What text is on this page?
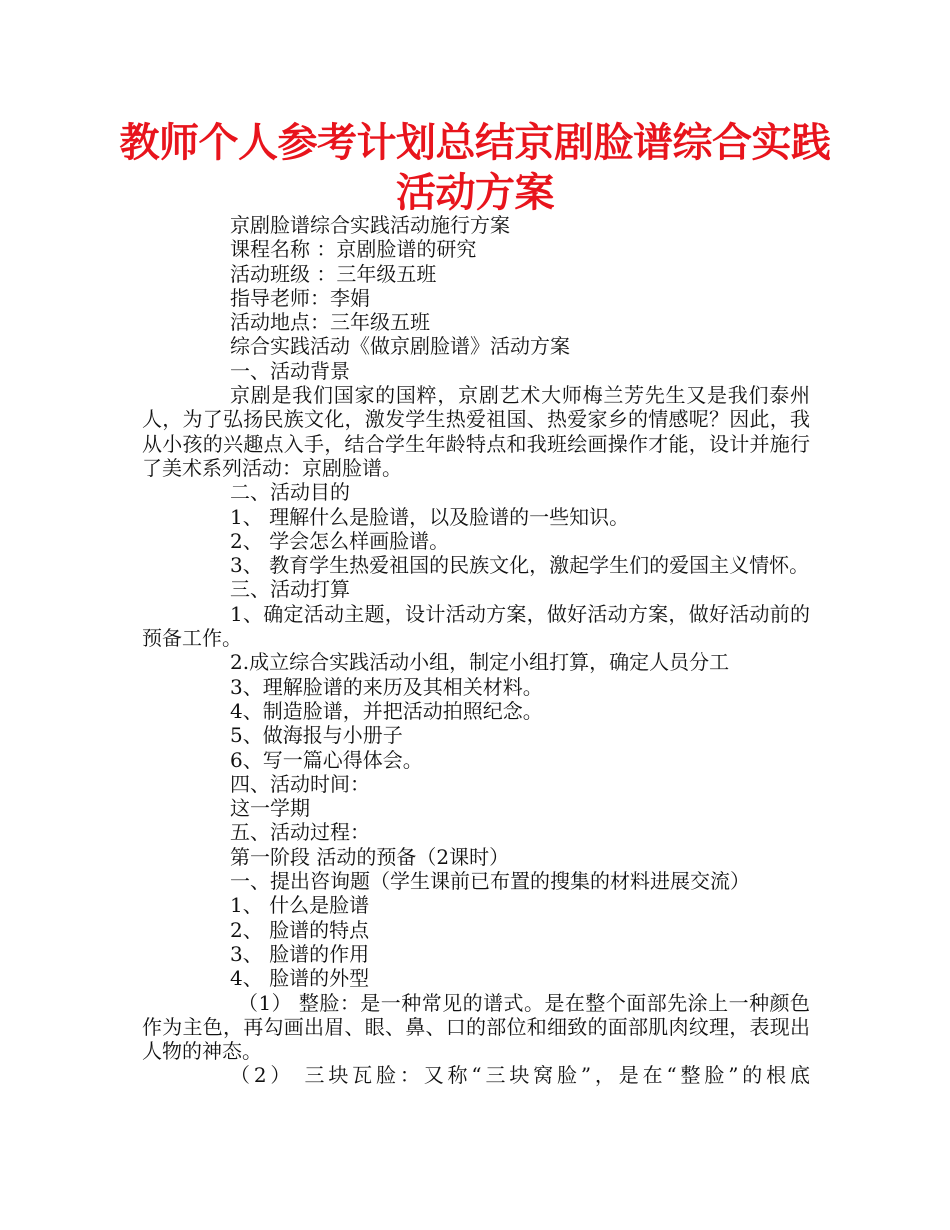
教师个人参考计划总结京剧脸谱综合实践活动方案

京剧脸谱综合实践活动施行方案

课程名称 ：京剧脸谱的研究

活动班级 ：三年级五班

指导老师：李娟

活动地点：三年级五班

综合实践活动《做京剧脸谱》活动方案

一、活动背景

京剧是我们国家的国粹，京剧艺术大师梅兰芳先生又是我们泰州人，为了弘扬民族文化，激发学生热爱祖国、热爱家乡的情感呢？因此，我从小孩的兴趣点入手，结合学生年龄特点和我班绘画操作才能，设计并施行了美术系列活动：京剧脸谱。

二、活动目的

1、 理解什么是脸谱，以及脸谱的一些知识。

2、 学会怎么样画脸谱。

3、 教育学生热爱祖国的民族文化，激起学生们的爱国主义情怀。

三、活动打算

1、确定活动主题，设计活动方案，做好活动方案，做好活动前的预备工作。

2.成立综合实践活动小组，制定小组打算，确定人员分工

3、理解脸谱的来历及其相关材料。

4、制造脸谱，并把活动拍照纪念。

5、做海报与小册子

6、写一篇心得体会。

四、活动时间：

这一学期

五、活动过程：

第一阶段 活动的预备（2课时）

一、提出咨询题（学生课前已布置的搜集的材料进展交流）

1、 什么是脸谱

2、 脸谱的特点

3、 脸谱的作用

4、 脸谱的外型

（1） 整脸：是一种常见的谱式。是在整个面部先涂上一种颜色作为主色，再勾画出眉、眼、鼻、口的部位和细致的面部肌肉纹理，表现出人物的神态。

（2） 三块瓦脸：又称“三块窝脸”，是在“整脸”的根底
